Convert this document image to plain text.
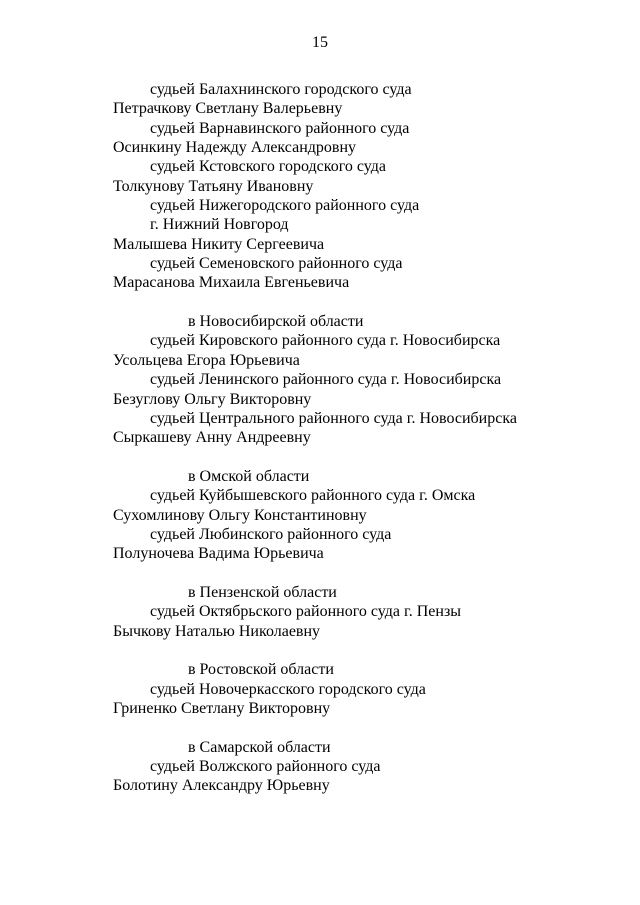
15
судьей Балахнинского городского суда
Петрачкову Светлану Валерьевну
судьей Варнавинского районного суда
Осинкину Надежду Александровну
судьей Кстовского городского суда
Толкунову Татьяну Ивановну
судьей Нижегородского районного суда
г. Нижний Новгород
Малышева Никиту Сергеевича
судьей Семеновского районного суда
Марасанова Михаила Евгеньевича
в Новосибирской области
судьей Кировского районного суда г. Новосибирска
Усольцева Егора Юрьевича
судьей Ленинского районного суда г. Новосибирска
Безуглову Ольгу Викторовну
судьей Центрального районного суда г. Новосибирска
Сыркашеву Анну Андреевну
в Омской области
судьей Куйбышевского районного суда г. Омска
Сухомлинову Ольгу Константиновну
судьей Любинского районного суда
Полуночева Вадима Юрьевича
в Пензенской области
судьей Октябрьского районного суда г. Пензы
Бычкову Наталью Николаевну
в Ростовской области
судьей Новочеркасского городского суда
Гриненко Светлану Викторовну
в Самарской области
судьей Волжского районного суда
Болотину Александру Юрьевну
